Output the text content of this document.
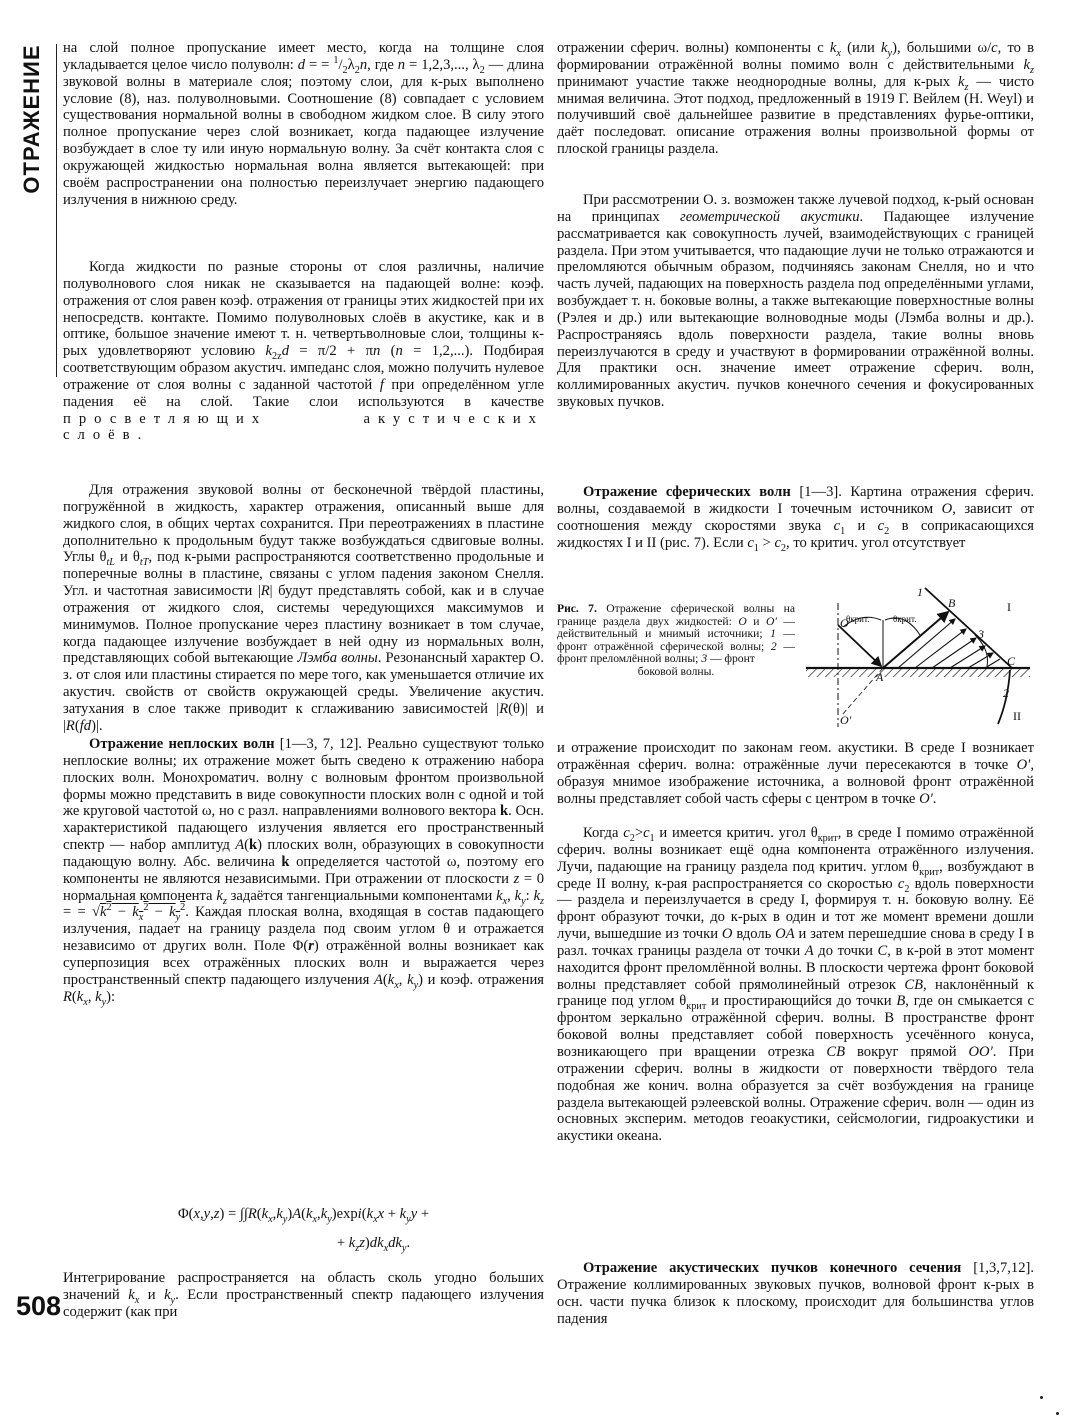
ОТРАЖЕНИЕ
508

на слой полное пропускание имеет место, когда на толщине слоя укладывается целое число полуволн: d = = $^1/_2\lambda_2n$, где n = 1,2,3,..., $\lambda_2$ — длина звуковой волны в материале слоя; поэтому слои, для к-рых выполнено условие (8), наз. полуволновыми. Соотношение (8) совпадает с условием существования нормальной волны в свободном жидком слое. В силу этого полное пропускание через слой возникает, когда падающее излучение возбуждает в слое ту или иную нормальную волну. За счёт контакта слоя с окружающей жидкостью нормальная волна является вытекающей: при своём распространении она полностью переизлучает энергию падающего излучения в нижнюю среду.

Когда жидкости по разные стороны от слоя различны, наличие полуволнового слоя никак не сказывается на падающей волне: коэф. отражения от слоя равен коэф. отражения от границы этих жидкостей при их непосредств. контакте. Помимо полуволновых слоёв в акустике, как и в оптике, большое значение имеют т. н. четвертьволновые слои, толщины к-рых удовлетворяют условию $k_{2z}d = \pi/2 + \pi n$ (n = 1,2,...). Подбирая соответствующим образом акустич. импеданс слоя, можно получить нулевое отражение от слоя волны с заданной частотой f при определённом угле падения её на слой. Такие слои используются в качестве просветляющих акустических слоёв.

Для отражения звуковой волны от бесконечной твёрдой пластины, погружённой в жидкость, характер отражения, описанный выше для жидкого слоя, в общих чертах сохранится. При переотражениях в пластине дополнительно к продольным будут также возбуждаться сдвиговые волны. Углы $\theta_{tL}$ и $\theta_{tT}$, под к-рыми распространяются соответственно продольные и поперечные волны в пластине, связаны с углом падения законом Снелля. Угл. и частотная зависимости |R| будут представлять собой, как и в случае отражения от жидкого слоя, системы чередующихся максимумов и минимумов. Полное пропускание через пластину возникает в том случае, когда падающее излучение возбуждает в ней одну из нормальных волн, представляющих собой вытекающие Лэмба волны. Резонансный характер О. з. от слоя или пластины стирается по мере того, как уменьшается отличие их акустич. свойств от свойств окружающей среды. Увеличение акустич. затухания в слое также приводит к сглаживанию зависимостей |R(θ)| и |R(fd)|.

Отражение неплоских волн [1—3, 7, 12]. Реально существуют только неплоские волны; их отражение может быть сведено к отражению набора плоских волн. Монохроматич. волну с волновым фронтом произвольной формы можно представить в виде совокупности плоских волн с одной и той же круговой частотой ω, но с разл. направлениями волнового вектора k. Осн. характеристикой падающего излучения является его пространственный спектр — набор амплитуд A(k) плоских волн, образующих в совокупности падающую волну. Абс. величина k определяется частотой ω, поэтому его компоненты не являются независимыми. При отражении от плоскости z = 0 нормальная компонента $k_z$ задаётся тангенциальными компонентами $k_x$, $k_y$: $k_z$ = = $√k^2 - k_x^2 - k_y^2$. Каждая плоская волна, входящая в состав падающего излучения, падает на границу раздела под своим углом θ и отражается независимо от других волн. Поле Φ(r) отражённой волны возникает как суперпозиция всех отражённых плоских волн и выражается через пространственный спектр падающего излучения $A(k_x$, $k_y$) и коэф. отражения $R(k_x$, $k_y$):

$\Phi(x,y,z) = \int\int R(k_x,k_y)A(k_x,k_y)\exp i(k_xx + k_yy$ +
+ $k_zz)dk_xdk_y$.

Интегрирование распространяется на область сколь угодно больших значений $k_x$ и $k_y$. Если пространственный спектр падающего излучения содержит (как при

отражении сферич. волны) компоненты с $k_x$ (или $k_y$), большими ω/c, то в формировании отражённой волны помимо волн с действительными $k_z$ принимают участие также неоднородные волны, для к-рых $k_z$ — чисто мнимая величина. Этот подход, предложенный в 1919 Г. Вейлем (H. Weyl) и получивший своё дальнейшее развитие в представлениях фурье-оптики, даёт последоват. описание отражения волны произвольной формы от плоской границы раздела.

При рассмотрении О. з. возможен также лучевой подход, к-рый основан на принципах геометрической акустики. Падающее излучение рассматривается как совокупность лучей, взаимодействующих с границей раздела. При этом учитывается, что падающие лучи не только отражаются и преломляются обычным образом, подчиняясь законам Снелля, но и что часть лучей, падающих на поверхность раздела под определёнными углами, возбуждает т. н. боковые волны, а также вытекающие поверхностные волны (Рэлея и др.) или вытекающие волноводные моды (Лэмба волны и др.). Распространяясь вдоль поверхности раздела, такие волны вновь переизлучаются в среду и участвуют в формировании отражённой волны. Для практики осн. значение имеет отражение сферич. волн, коллимированных акустич. пучков конечного сечения и фокусированных звуковых пучков.

Отражение сферических волн [1—3]. Картина отражения сферич. волны, создаваемой в жидкости I точечным источником O, зависит от соотношения между скоростями звука $c_1$ и $c_2$ в соприкасающихся жидкостях I и II (рис. 7). Если $c_1 > c_2$, то критич. угол отсутствует

и отражение происходит по законам геом. акустики. В среде I возникает отражённая сферич. волна: отражённые лучи пересекаются в точке O′, образуя мнимое изображение источника, а волновой фронт отражённой волны представляет собой часть сферы с центром в точке O′.

Когда $c_2>c_1$ и имеется критич. угол $\theta_{крит}$, в среде I помимо отражённой сферич. волны возникает ещё одна компонента отражённого излучения. Лучи, падающие на границу раздела под критич. углом $\theta_{крит}$, возбуждают в среде II волну, к-рая распространяется со скоростью $c_2$ вдоль поверхности — раздела и переизлучается в среду I, формируя т. н. боковую волну. Её фронт образуют точки, до к-рых в один и тот же момент времени дошли лучи, вышедшие из точки O вдоль OA и затем перешедшие снова в среду I в разл. точках границы раздела от точки A до точки C, в к-рой в этот момент находится фронт преломлённой волны. В плоскости чертежа фронт боковой волны представляет собой прямолинейный отрезок CB, наклонённый к границе под углом $\theta_{крит}$ и простирающийся до точки B, где он смыкается с фронтом зеркально отражённой сферич. волны. В пространстве фронт боковой волны представляет собой поверхность усечённого конуса, возникающего при вращении отрезка CB вокруг прямой OO′. При отражении сферич. волны в жидкости от поверхности твёрдого тела подобная же конич. волна образуется за счёт возбуждения на границе раздела вытекающей рэлеевской волны. Отражение сферич. волн — один из основных эксперим. методов геоакустики, сейсмологии, гидроакустики и акустики океана.

Отражение акустических пучков конечного сечения [1,3,7,12]. Отражение коллимированных звуковых пучков, волновой фронт к-рых в осн. части пучка близок к плоскому, происходит для большинства углов падения

Рис. 7. Отражение сферической волны на границе раздела двух жидкостей: O и O′ — действительный и мнимый источники; 1 — фронт отражённой сферической волны; 2 — фронт преломлённой волны; 3 — фронт
боковой волны.
O
O′
A
B
C
1
2
3
θкрит.	θкрит.
I
II
